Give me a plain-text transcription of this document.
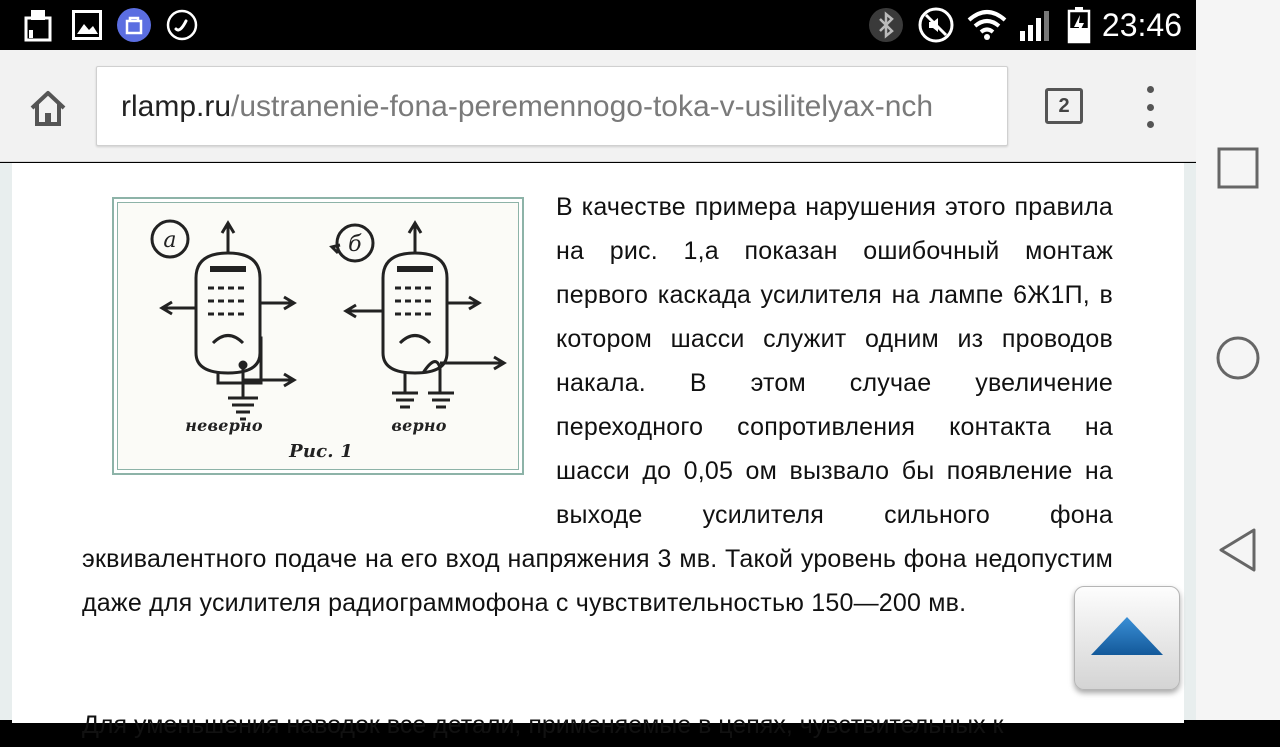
23:46
rlamp.ru/ustranenie-fona-peremennogo-toka-v-usilitelyax-nch	2
а	б
неверно	верно
Рис. 1
В качестве примера нарушения этого правила на рис. 1,а показан ошибочный монтаж первого каскада усилителя на лампе 6Ж1П, в котором шасси служит одним из проводов накала. В этом случае увеличение переходного сопротивления контакта на шасси до 0,05 ом вызвало бы появление на выходе усилителя сильного фона эквивалентного подаче на его вход напряжения 3 мв. Такой уровень фона недопустим даже для усилителя радиограммофона с чувствительностью 150—200 мв.
Для уменьшения наводок все детали, применяемые в цепях, чувствительных к
